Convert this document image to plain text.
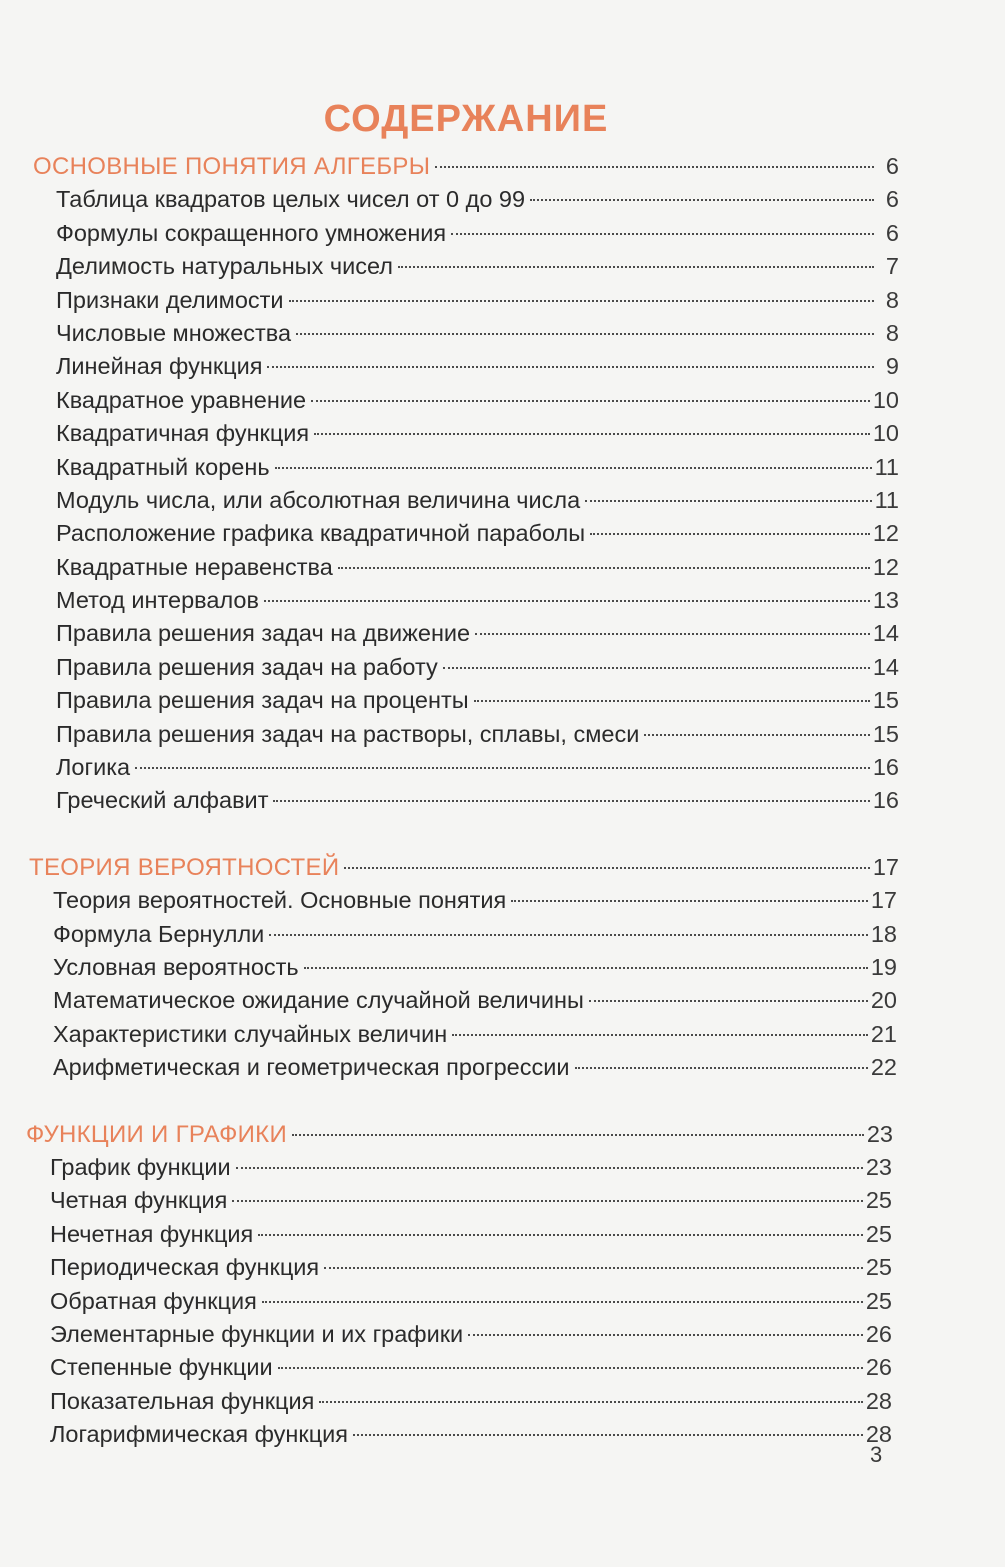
СОДЕРЖАНИЕ
ОСНОВНЫЕ ПОНЯТИЯ АЛГЕБРЫ	6
Таблица квадратов целых чисел от 0 до 99	6
Формулы сокращенного умножения	6
Делимость натуральных чисел	7
Признаки делимости	8
Числовые множества	8
Линейная функция	9
Квадратное уравнение	10
Квадратичная функция	10
Квадратный корень	11
Модуль числа, или абсолютная величина числа	11
Расположение графика квадратичной параболы	12
Квадратные неравенства	12
Метод интервалов	13
Правила решения задач на движение	14
Правила решения задач на работу	14
Правила решения задач на проценты	15
Правила решения задач на растворы, сплавы, смеси	15
Логика	16
Греческий алфавит	16
ТЕОРИЯ ВЕРОЯТНОСТЕЙ	17
Теория вероятностей. Основные понятия	17
Формула Бернулли	18
Условная вероятность	19
Математическое ожидание случайной величины	20
Характеристики случайных величин	21
Арифметическая и геометрическая прогрессии	22
ФУНКЦИИ И ГРАФИКИ	23
График функции	23
Четная функция	25
Нечетная функция	25
Периодическая функция	25
Обратная функция	25
Элементарные функции и их графики	26
Степенные функции	26
Показательная функция	28
Логарифмическая функция	28
3
